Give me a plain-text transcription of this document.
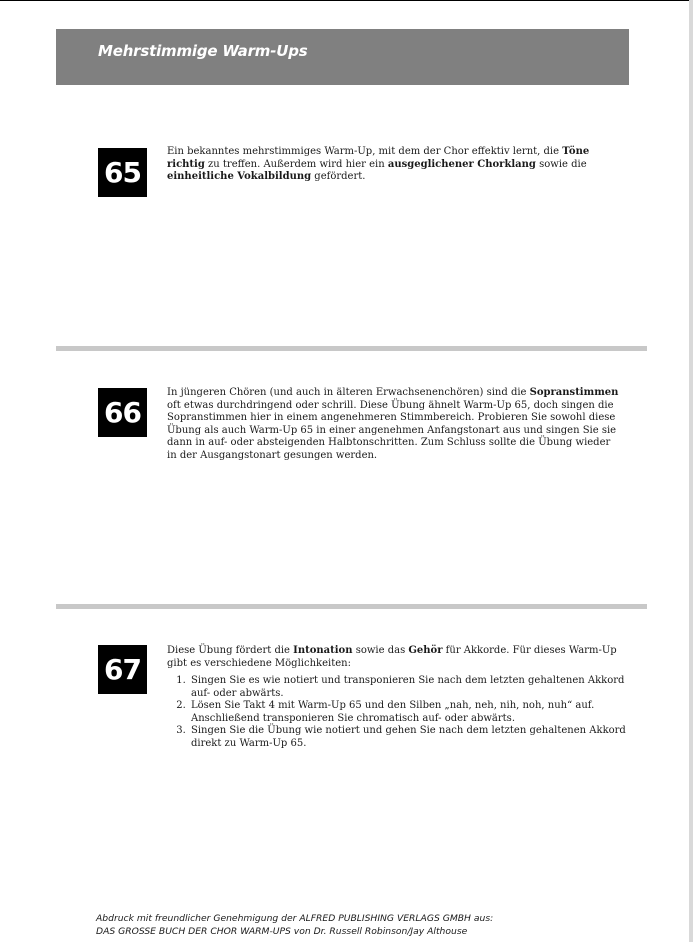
Mehrstimmige Warm-Ups
65

Ein bekanntes mehrstimmiges Warm-Up, mit dem der Chor effektiv lernt, die Töne richtig zu treffen. Außerdem wird hier ein ausgeglichener Chorklang sowie die einheitliche Vokalbildung gefördert.

66

In jüngeren Chören (und auch in älteren Erwachsenenchören) sind die Sopranstimmen oft etwas durchdringend oder schrill. Diese Übung ähnelt Warm-Up 65, doch singen die Sopranstimmen hier in einem angenehmeren Stimmbereich. Probieren Sie sowohl diese Übung als auch Warm-Up 65 in einer angenehmen Anfangstonart aus und singen Sie sie dann in auf- oder absteigenden Halbtonschritten. Zum Schluss sollte die Übung wieder in der Ausgangstonart gesungen werden.

67

Diese Übung fördert die Intonation sowie das Gehör für Akkorde. Für dieses Warm-Up gibt es verschiedene Möglichkeiten:

1. Singen Sie es wie notiert und transponieren Sie nach dem letzten gehaltenen Akkord auf- oder abwärts.
2. Lösen Sie Takt 4 mit Warm-Up 65 und den Silben „nah, neh, nih, noh, nuh“ auf. Anschließend transponieren Sie chromatisch auf- oder abwärts.
3. Singen Sie die Übung wie notiert und gehen Sie nach dem letzten gehaltenen Akkord direkt zu Warm-Up 65.
Abdruck mit freundlicher Genehmigung der ALFRED PUBLISHING VERLAGS GMBH aus:
DAS GROSSE BUCH DER CHOR WARM-UPS von Dr. Russell Robinson/Jay Althouse
